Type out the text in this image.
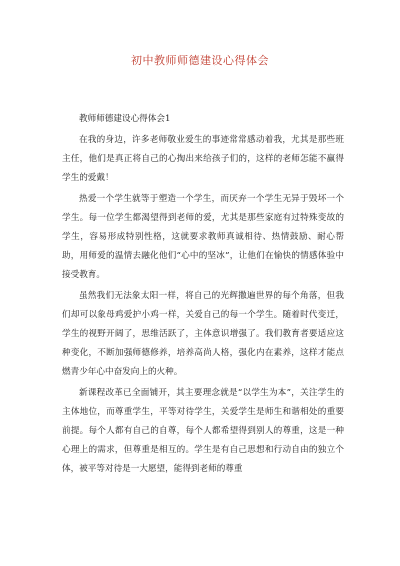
初中教师师德建设心得体会

教师师德建设心得体会1

在我的身边，许多老师敬业爱生的事迹常常感动着我，尤其是那些班主任，他们是真正将自己的心掏出来给孩子们的，这样的老师怎能不赢得学生的爱戴！

热爱一个学生就等于塑造一个学生，而厌弃一个学生无异于毁坏一个学生。每一位学生都渴望得到老师的爱，尤其是那些家庭有过特殊变故的学生，容易形成特别性格，这就要求教师真诚相待、热情鼓励、耐心帮助，用师爱的温情去融化他们“心中的坚冰”，让他们在愉快的情感体验中接受教育。

虽然我们无法象太阳一样，将自己的光辉撒遍世界的每个角落，但我们却可以象母鸡爱护小鸡一样，关爱自己的每一个学生。随着时代变迁，学生的视野开阔了，思维活跃了，主体意识增强了。我们教育者要适应这种变化，不断加强师德修养，培养高尚人格，强化内在素养，这样才能点燃青少年心中奋发向上的火种。

新课程改革已全面铺开，其主要理念就是“以学生为本”，关注学生的主体地位，而尊重学生，平等对待学生，关爱学生是师生和谐相处的重要前提。每个人都有自己的自尊，每个人都希望得到别人的尊重，这是一种心理上的需求，但尊重是相互的。学生是有自己思想和行动自由的独立个体，被平等对待是一大愿望，能得到老师的尊重
